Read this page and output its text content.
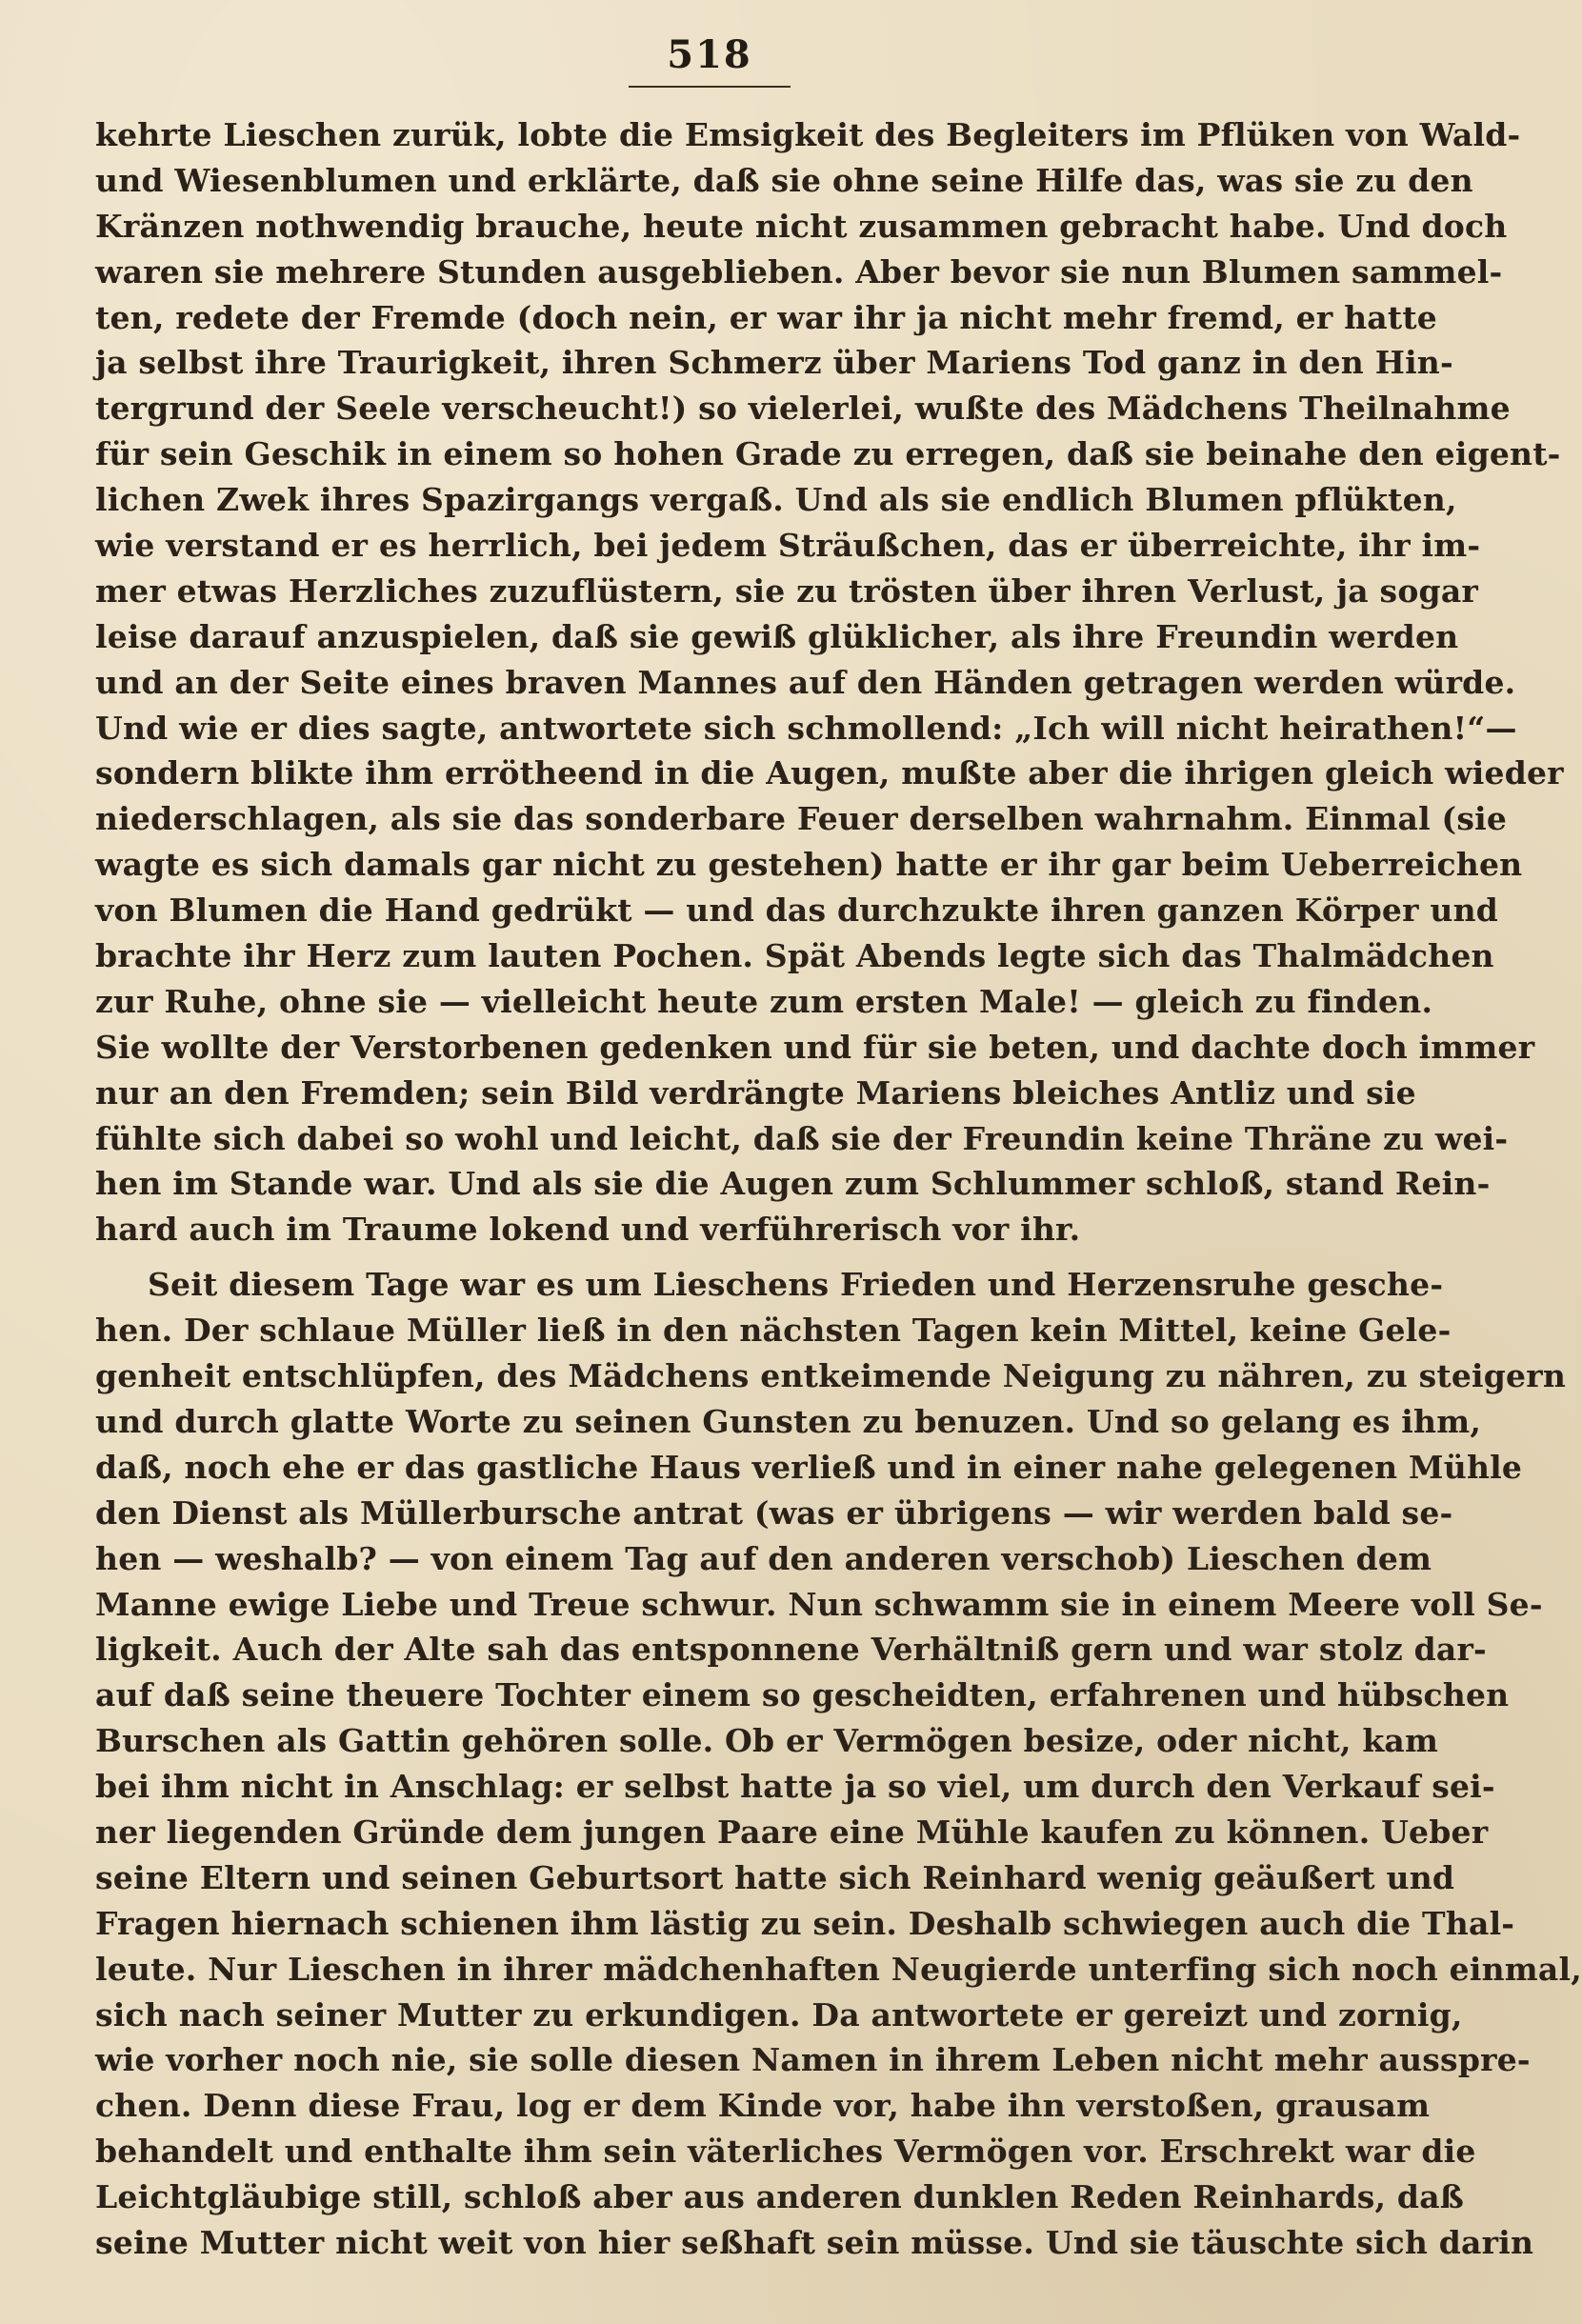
518
kehrte Lieschen zurük, lobte die Emsigkeit des Begleiters im Pflüken von Wald-
und Wiesenblumen und erklärte, daß sie ohne seine Hilfe das, was sie zu den
Kränzen nothwendig brauche, heute nicht zusammen gebracht habe. Und doch
waren sie mehrere Stunden ausgeblieben. Aber bevor sie nun Blumen sammel-
ten, redete der Fremde (doch nein, er war ihr ja nicht mehr fremd, er hatte
ja selbst ihre Traurigkeit, ihren Schmerz über Mariens Tod ganz in den Hin-
tergrund der Seele verscheucht!) so vielerlei, wußte des Mädchens Theilnahme
für sein Geschik in einem so hohen Grade zu erregen, daß sie beinahe den eigent-
lichen Zwek ihres Spazirgangs vergaß. Und als sie endlich Blumen pflükten,
wie verstand er es herrlich, bei jedem Sträußchen, das er überreichte, ihr im-
mer etwas Herzliches zuzuflüstern, sie zu trösten über ihren Verlust, ja sogar
leise darauf anzuspielen, daß sie gewiß glüklicher, als ihre Freundin werden
und an der Seite eines braven Mannes auf den Händen getragen werden würde.
Und wie er dies sagte, antwortete sich schmollend: „Ich will nicht heirathen!“—
sondern blikte ihm errötheend in die Augen, mußte aber die ihrigen gleich wieder
niederschlagen, als sie das sonderbare Feuer derselben wahrnahm. Einmal (sie
wagte es sich damals gar nicht zu gestehen) hatte er ihr gar beim Ueberreichen
von Blumen die Hand gedrükt — und das durchzukte ihren ganzen Körper und
brachte ihr Herz zum lauten Pochen. Spät Abends legte sich das Thalmädchen
zur Ruhe, ohne sie — vielleicht heute zum ersten Male! — gleich zu finden.
Sie wollte der Verstorbenen gedenken und für sie beten, und dachte doch immer
nur an den Fremden; sein Bild verdrängte Mariens bleiches Antliz und sie
fühlte sich dabei so wohl und leicht, daß sie der Freundin keine Thräne zu wei-
hen im Stande war. Und als sie die Augen zum Schlummer schloß, stand Rein-
hard auch im Traume lokend und verführerisch vor ihr.
Seit diesem Tage war es um Lieschens Frieden und Herzensruhe gesche-
hen. Der schlaue Müller ließ in den nächsten Tagen kein Mittel, keine Gele-
genheit entschlüpfen, des Mädchens entkeimende Neigung zu nähren, zu steigern
und durch glatte Worte zu seinen Gunsten zu benuzen. Und so gelang es ihm,
daß, noch ehe er das gastliche Haus verließ und in einer nahe gelegenen Mühle
den Dienst als Müllerbursche antrat (was er übrigens — wir werden bald se-
hen — weshalb? — von einem Tag auf den anderen verschob) Lieschen dem
Manne ewige Liebe und Treue schwur. Nun schwamm sie in einem Meere voll Se-
ligkeit. Auch der Alte sah das entsponnene Verhältniß gern und war stolz dar-
auf daß seine theuere Tochter einem so gescheidten, erfahrenen und hübschen
Burschen als Gattin gehören solle. Ob er Vermögen besize, oder nicht, kam
bei ihm nicht in Anschlag: er selbst hatte ja so viel, um durch den Verkauf sei-
ner liegenden Gründe dem jungen Paare eine Mühle kaufen zu können. Ueber
seine Eltern und seinen Geburtsort hatte sich Reinhard wenig geäußert und
Fragen hiernach schienen ihm lästig zu sein. Deshalb schwiegen auch die Thal-
leute. Nur Lieschen in ihrer mädchenhaften Neugierde unterfing sich noch einmal,
sich nach seiner Mutter zu erkundigen. Da antwortete er gereizt und zornig,
wie vorher noch nie, sie solle diesen Namen in ihrem Leben nicht mehr ausspre-
chen. Denn diese Frau, log er dem Kinde vor, habe ihn verstoßen, grausam
behandelt und enthalte ihm sein väterliches Vermögen vor. Erschrekt war die
Leichtgläubige still, schloß aber aus anderen dunklen Reden Reinhards, daß
seine Mutter nicht weit von hier seßhaft sein müsse. Und sie täuschte sich darin
